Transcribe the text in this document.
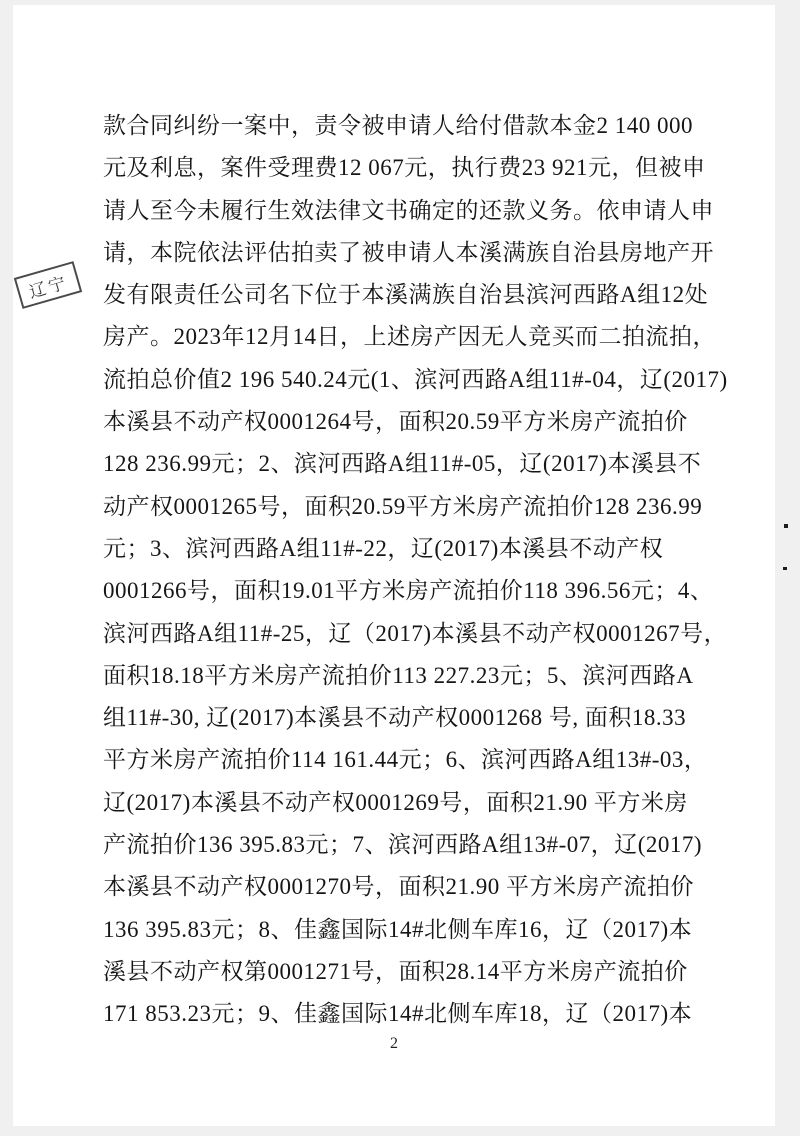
辽宁
款合同纠纷一案中，责令被申请人给付借款本金2 140 000
元及利息，案件受理费12 067元，执行费23 921元，但被申
请人至今未履行生效法律文书确定的还款义务。依申请人申
请，本院依法评估拍卖了被申请人本溪满族自治县房地产开
发有限责任公司名下位于本溪满族自治县滨河西路A组12处
房产。2023年12月14日，上述房产因无人竞买而二拍流拍，
流拍总价值2 196 540.24元(1、滨河西路A组11#-04，辽(2017)
本溪县不动产权0001264号，面积20.59平方米房产流拍价
128 236.99元；2、滨河西路A组11#-05，辽(2017)本溪县不
动产权0001265号，面积20.59平方米房产流拍价128 236.99
元；3、滨河西路A组11#-22，辽(2017)本溪县不动产权
0001266号，面积19.01平方米房产流拍价118 396.56元；4、
滨河西路A组11#-25，辽（2017)本溪县不动产权0001267号，
面积18.18平方米房产流拍价113 227.23元；5、滨河西路A
组11#-30, 辽(2017)本溪县不动产权0001268 号, 面积18.33
平方米房产流拍价114 161.44元；6、滨河西路A组13#-03，
辽(2017)本溪县不动产权0001269号，面积21.90 平方米房
产流拍价136 395.83元；7、滨河西路A组13#-07，辽(2017)
本溪县不动产权0001270号，面积21.90 平方米房产流拍价
136 395.83元；8、佳鑫国际14#北侧车库16，辽（2017)本
溪县不动产权第0001271号，面积28.14平方米房产流拍价
171 853.23元；9、佳鑫国际14#北侧车库18，辽（2017)本
2
